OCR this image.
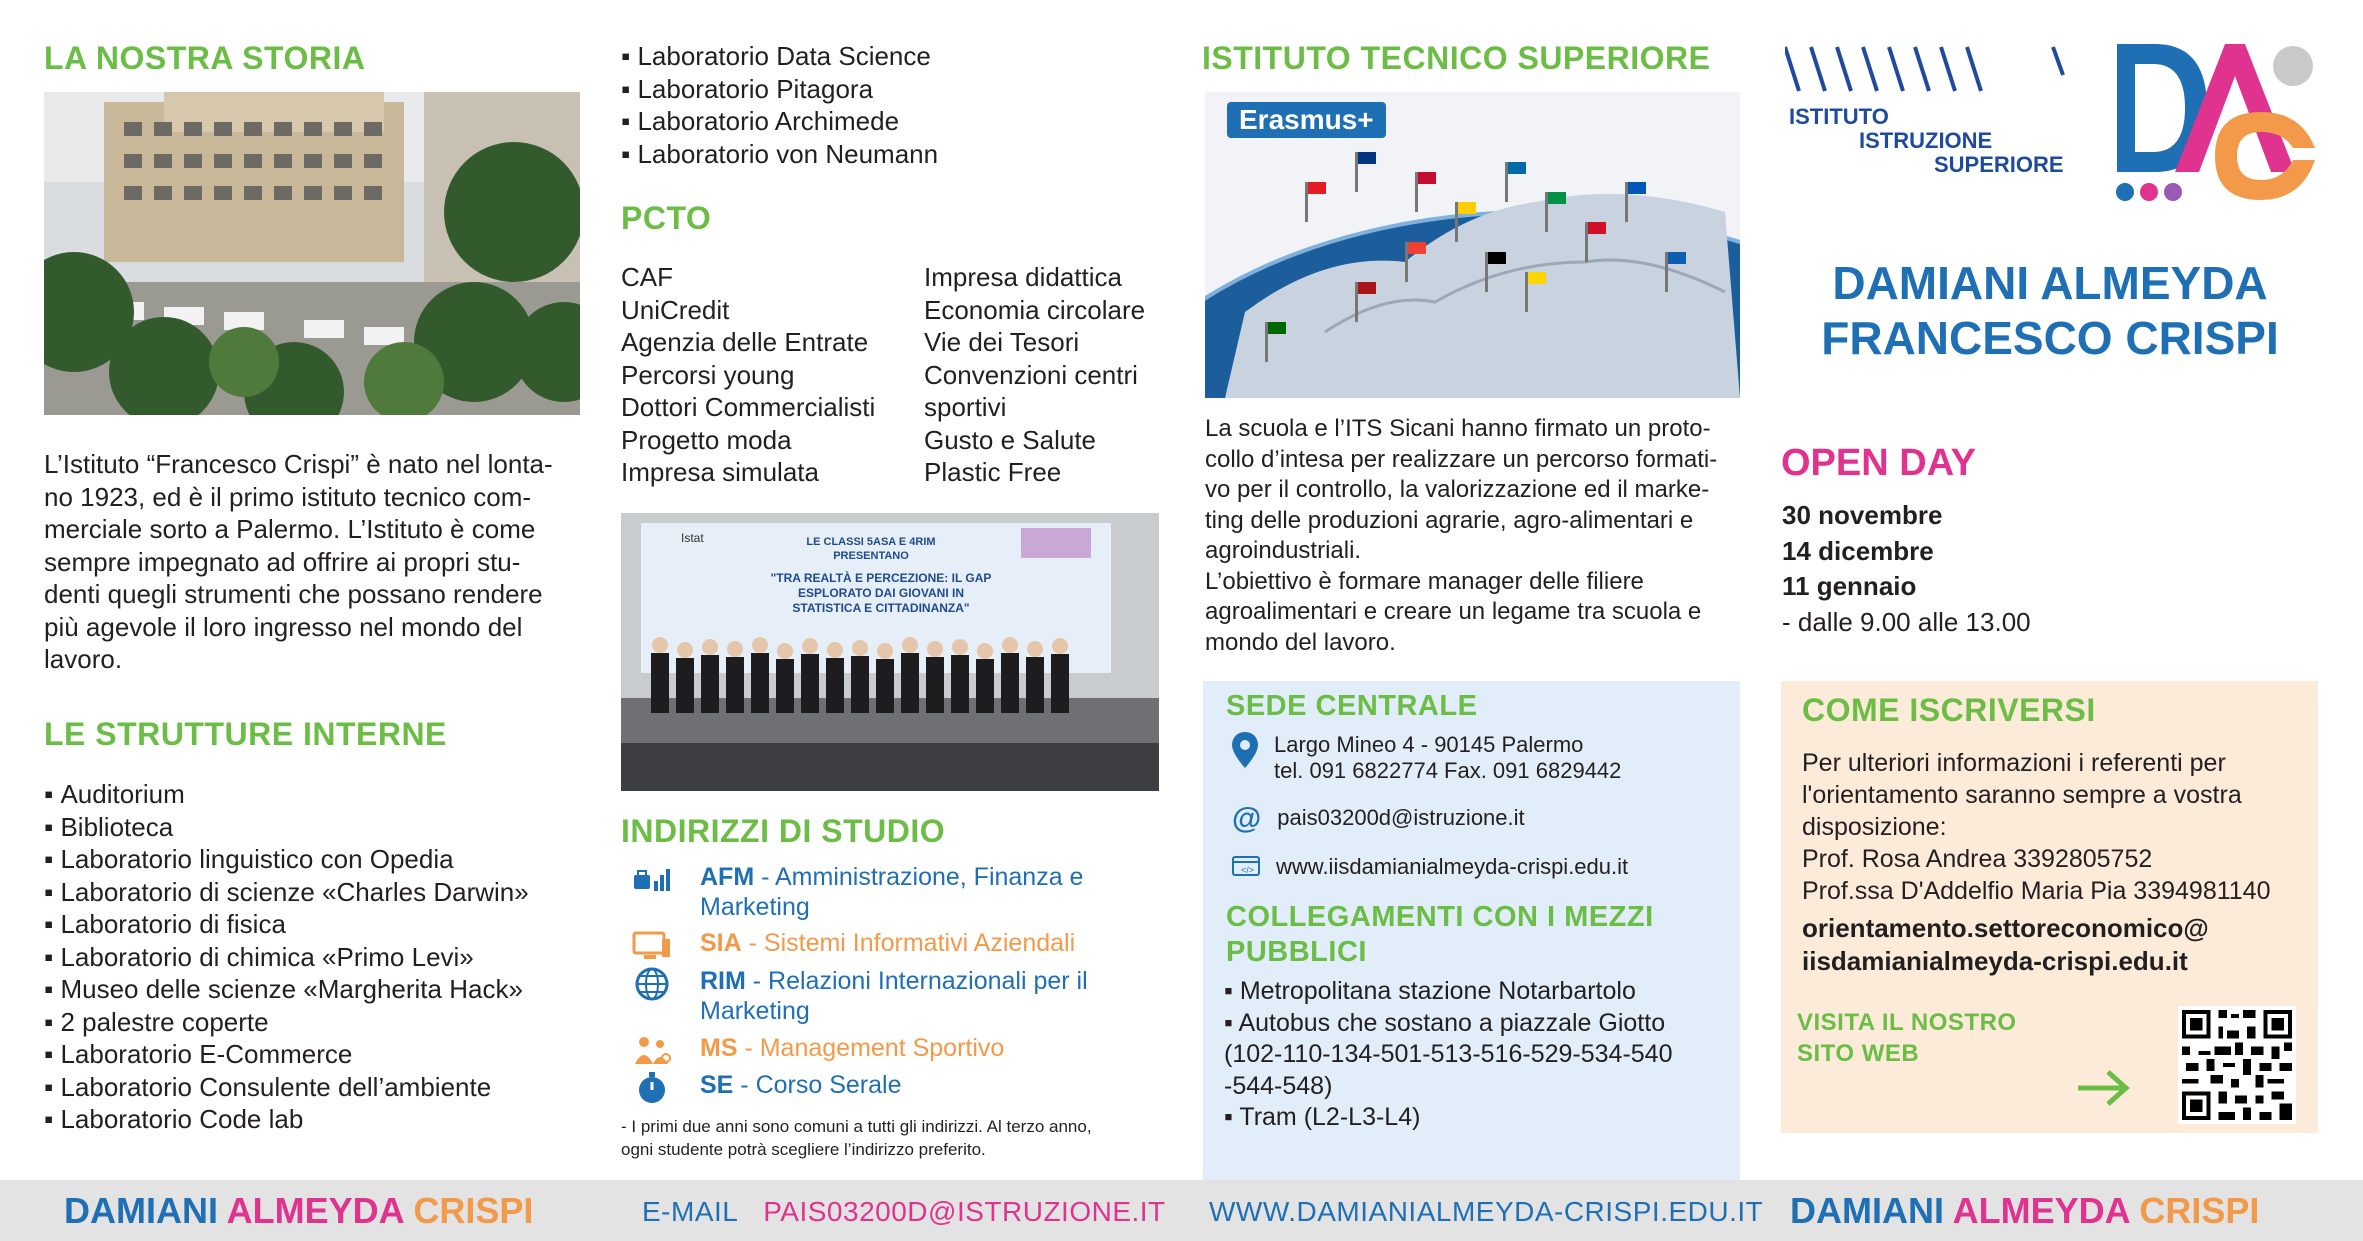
LA NOSTRA STORIA
L’Istituto “Francesco Crispi” è nato nel lonta-
no 1923, ed è il primo istituto tecnico com-
merciale sorto a Palermo. L’Istituto è come
sempre impegnato ad offrire ai propri stu-
denti quegli strumenti che possano rendere
più agevole il loro ingresso nel mondo del
lavoro.
LE STRUTTURE INTERNE
▪ Auditorium
▪ Biblioteca
▪ Laboratorio linguistico con Opedia
▪ Laboratorio di scienze «Charles Darwin»
▪ Laboratorio di fisica
▪ Laboratorio di chimica «Primo Levi»
▪ Museo delle scienze «Margherita Hack»
▪ 2 palestre coperte
▪ Laboratorio E-Commerce
▪ Laboratorio Consulente dell’ambiente
▪ Laboratorio Code lab
▪ Laboratorio Data Science
▪ Laboratorio Pitagora
▪ Laboratorio Archimede
▪ Laboratorio von Neumann
PCTO
CAF
UniCredit
Agenzia delle Entrate
Percorsi young
Dottori Commercialisti
Progetto moda
Impresa simulata
Impresa didattica
Economia circolare
Vie dei Tesori
Convenzioni centri
sportivi
Gusto e Salute
Plastic Free
Istat	LE CLASSI 5ASA E 4RIM
PRESENTANO
"TRA REALTÀ E PERCEZIONE: IL GAP
ESPLORATO DAI GIOVANI IN
STATISTICA E CITTADINANZA"
INDIRIZZI DI STUDIO
AFM - Amministrazione, Finanza e
Marketing
SIA - Sistemi Informativi Aziendali
RIM - Relazioni Internazionali per il
Marketing
MS - Management Sportivo
SE - Corso Serale
- I primi due anni sono comuni a tutti gli indirizzi. Al terzo anno,
ogni studente potrà scegliere l’indirizzo preferito.
ISTITUTO TECNICO SUPERIORE
Erasmus+
La scuola e l’ITS Sicani hanno firmato un proto-
collo d’intesa per realizzare un percorso formati-
vo per il controllo, la valorizzazione ed il marke-
ting delle produzioni agrarie, agro-alimentari e
agroindustriali.
L’obiettivo è formare manager delle filiere
agroalimentari e creare un legame tra scuola e
mondo del lavoro.
SEDE CENTRALE
Largo Mineo 4 - 90145 Palermo
tel. 091 6822774 Fax. 091 6829442
@ pais03200d@istruzione.it
</> www.iisdamianialmeyda-crispi.edu.it
COLLEGAMENTI CON I MEZZI
PUBBLICI
▪ Metropolitana stazione Notarbartolo
▪ Autobus che sostano a piazzale Giotto
(102-110-134-501-513-516-529-534-540
-544-548)
▪ Tram (L2-L3-L4)
ISTITUTO
ISTRUZIONE
SUPERIORE
DAMIANI ALMEYDA
FRANCESCO CRISPI
OPEN DAY
30 novembre
14 dicembre
11 gennaio
- dalle 9.00 alle 13.00
COME ISCRIVERSI
Per ulteriori informazioni i referenti per
l'orientamento saranno sempre a vostra
disposizione:
Prof. Rosa Andrea 3392805752
Prof.ssa D'Addelfio Maria Pia 3394981140
orientamento.settoreconomico@
iisdamianialmeyda-crispi.edu.it
VISITA IL NOSTRO
SITO WEB
DAMIANI ALMEYDA CRISPI	E-MAIL PAIS03200D@ISTRUZIONE.IT WWW.DAMIANIALMEYDA-CRISPI.EDU.IT DAMIANI ALMEYDA CRISPI
